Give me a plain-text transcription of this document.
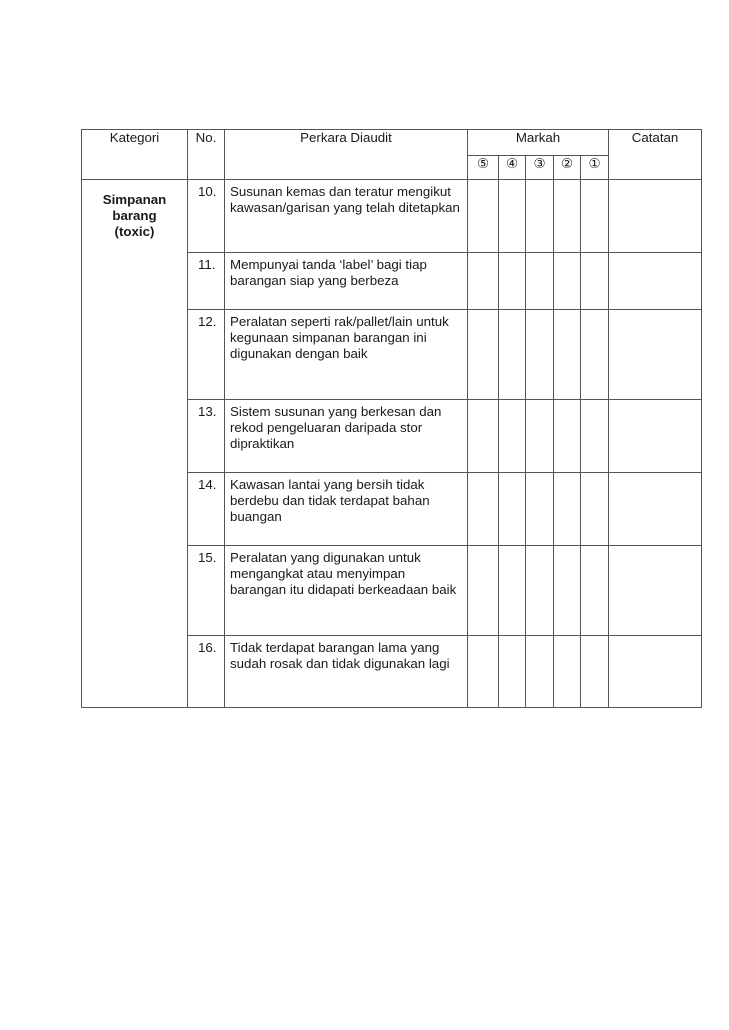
Kategori	No.	Perkara Diaudit	Markah					Catatan
			⑤	④	③	②	①	

Simpanan
barang
(toxic)	10.	Susunan kemas dan teratur mengikut kawasan/garisan yang telah ditetapkan						
	11.	Mempunyai tanda ‘label’ bagi tiap barangan siap yang berbeza						
	12.	Peralatan seperti rak/pallet/lain untuk kegunaan simpanan barangan ini digunakan dengan baik						
	13.	Sistem susunan yang berkesan dan rekod pengeluaran daripada stor dipraktikan						
	14.	Kawasan lantai yang bersih tidak berdebu dan tidak terdapat bahan buangan						
	15.	Peralatan yang digunakan untuk mengangkat atau menyimpan barangan itu didapati berkeadaan baik						
	16.	Tidak terdapat barangan lama yang sudah rosak dan tidak digunakan lagi						
